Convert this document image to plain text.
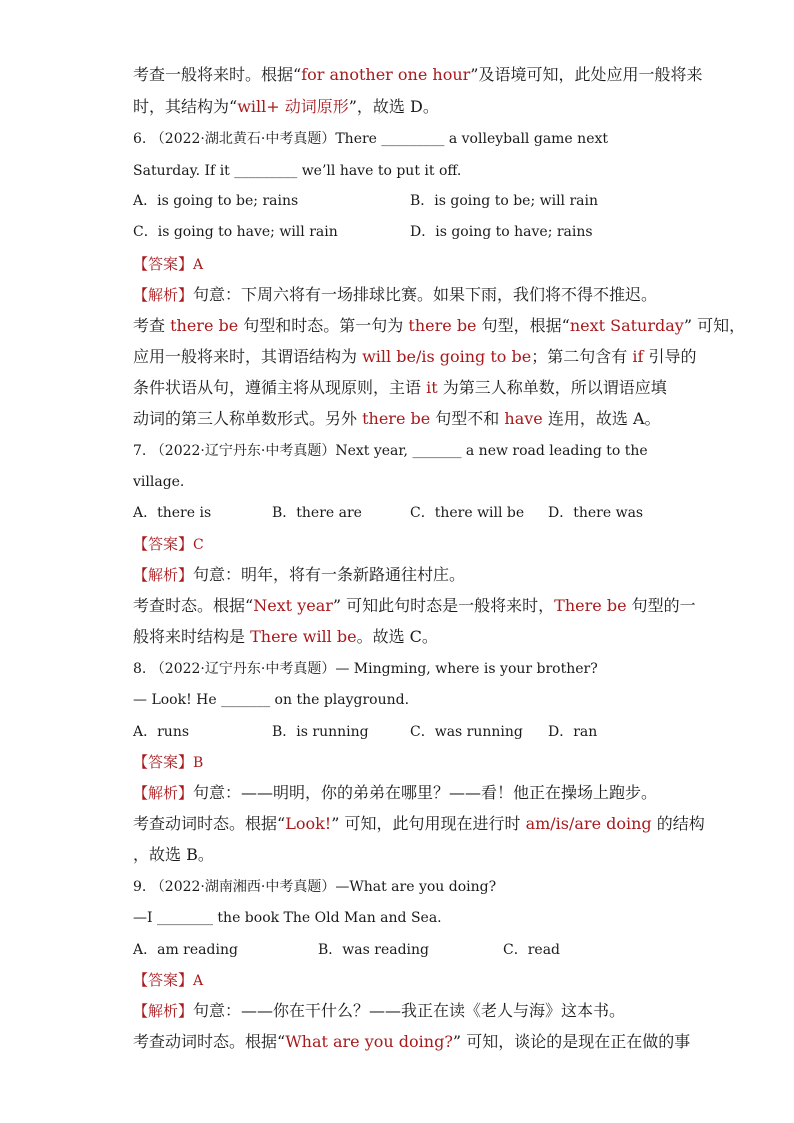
考查一般将来时。根据“for another one hour”及语境可知，此处应用一般将来
时，其结构为“will+ 动词原形”，故选 D。
6. （2022·湖北黄石·中考真题）There _________ a volleyball game next
Saturday. If it _________ we’ll have to put it off.
A．is going to be; rains	B．is going to be; will rain
C．is going to have; will rain	D．is going to have; rains
【答案】A
【解析】句意：下周六将有一场排球比赛。如果下雨，我们将不得不推迟。
考查 there be 句型和时态。第一句为 there be 句型，根据“next Saturday” 可知，
应用一般将来时，其谓语结构为 will be/is going to be；第二句含有 if 引导的
条件状语从句，遵循主将从现原则，主语 it 为第三人称单数，所以谓语应填
动词的第三人称单数形式。另外 there be 句型不和 have 连用，故选 A。
7. （2022·辽宁丹东·中考真题）Next year, _______ a new road leading to the
village.
A．there is	B．there are	C．there will be D．there was
【答案】C
【解析】句意：明年，将有一条新路通往村庄。
考查时态。根据“Next year” 可知此句时态是一般将来时，There be 句型的一
般将来时结构是 There will be。故选 C。
8. （2022·辽宁丹东·中考真题）— Mingming, where is your brother?
— Look! He _______ on the playground.
A．runs	B．is running	C．was running D．ran
【答案】B
【解析】句意：——明明，你的弟弟在哪里？——看！他正在操场上跑步。
考查动词时态。根据“Look!” 可知，此句用现在进行时 am/is/are doing 的结构
，故选 B。
9. （2022·湖南湘西·中考真题）—What are you doing?
—I ________ the book The Old Man and Sea.
A．am reading	B．was reading	C．read
【答案】A
【解析】句意：——你在干什么？——我正在读《老人与海》这本书。
考查动词时态。根据“What are you doing?” 可知，谈论的是现在正在做的事
